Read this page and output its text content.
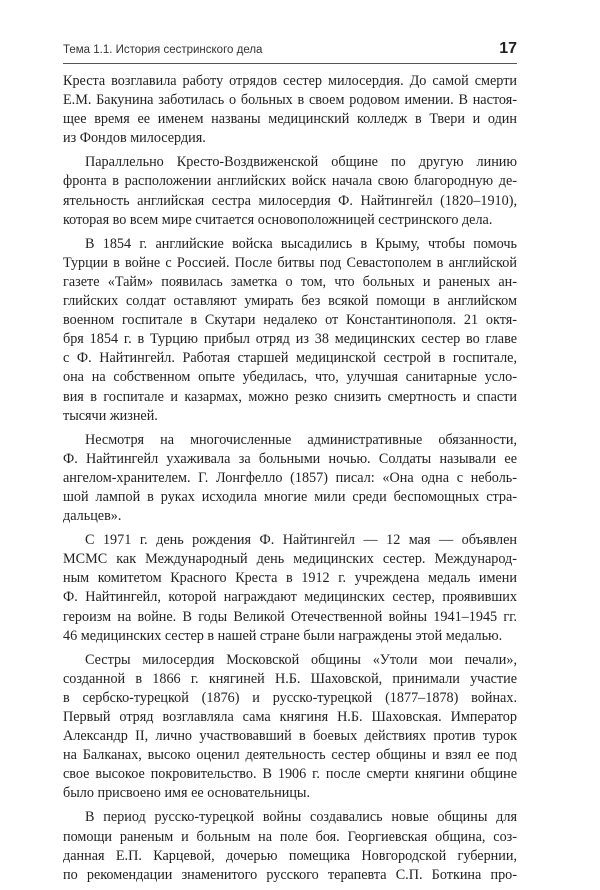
Тема 1.1. История сестринского дела	17
Креста возглавила работу отрядов сестер милосердия. До самой смерти
Е.М. Бакунина заботилась о больных в своем родовом имении. В настоя-
щее время ее именем названы медицинский колледж в Твери и один
из Фондов милосердия.
Параллельно Кресто-Воздвиженской общине по другую линию
фронта в расположении английских войск начала свою благородную де-
ятельность английская сестра милосердия Ф. Найтингейл (1820–1910),
которая во всем мире считается основоположницей сестринского дела.
В 1854 г. английские войска высадились в Крыму, чтобы помочь
Турции в войне с Россией. После битвы под Севастополем в английской
газете «Тайм» появилась заметка о том, что больных и раненых ан-
глийских солдат оставляют умирать без всякой помощи в английском
военном госпитале в Скутари недалеко от Константинополя. 21 октя-
бря 1854 г. в Турцию прибыл отряд из 38 медицинских сестер во главе
с Ф. Найтингейл. Работая старшей медицинской сестрой в госпитале,
она на собственном опыте убедилась, что, улучшая санитарные усло-
вия в госпитале и казармах, можно резко снизить смертность и спасти
тысячи жизней.
Несмотря на многочисленные административные обязанности,
Ф. Найтингейл ухаживала за больными ночью. Солдаты называли ее
ангелом-хранителем. Г. Лонгфелло (1857) писал: «Она одна с неболь-
шой лампой в руках исходила многие мили среди беспомощных стра-
дальцев».
С 1971 г. день рождения Ф. Найтингейл — 12 мая — объявлен
МСМС как Международный день медицинских сестер. Международ-
ным комитетом Красного Креста в 1912 г. учреждена медаль имени
Ф. Найтингейл, которой награждают медицинских сестер, проявивших
героизм на войне. В годы Великой Отечественной войны 1941–1945 гг.
46 медицинских сестер в нашей стране были награждены этой медалью.
Сестры милосердия Московской общины «Утоли мои печали»,
созданной в 1866 г. княгиней Н.Б. Шаховской, принимали участие
в сербско-турецкой (1876) и русско-турецкой (1877–1878) войнах.
Первый отряд возглавляла сама княгиня Н.Б. Шаховская. Император
Александр II, лично участвовавший в боевых действиях против турок
на Балканах, высоко оценил деятельность сестер общины и взял ее под
свое высокое покровительство. В 1906 г. после смерти княгини общине
было присвоено имя ее основательницы.
В период русско-турецкой войны создавались новые общины для
помощи раненым и больным на поле боя. Георгиевская община, соз-
данная Е.П. Карцевой, дочерью помещика Новгородской губернии,
по рекомендации знаменитого русского терапевта С.П. Боткина про-
